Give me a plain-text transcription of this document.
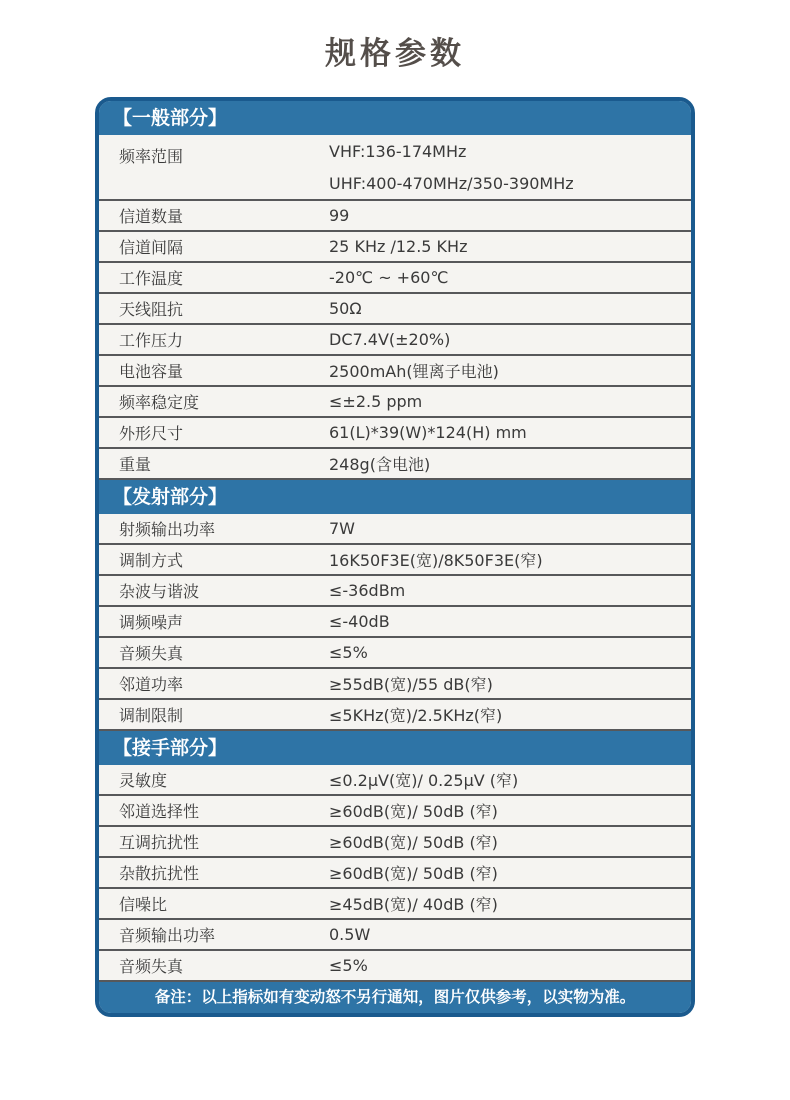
规格参数
【一般部分】
频率范围	VHF:136-174MHz
UHF:400-470MHz/350-390MHz
信道数量	99
信道间隔	25 KHz /12.5 KHz
工作温度	-20℃ ~ +60℃
天线阻抗	50Ω
工作压力	DC7.4V(±20%)
电池容量	2500mAh(锂离子电池)
频率稳定度	≤±2.5 ppm
外形尺寸	61(L)*39(W)*124(H) mm
重量	248g(含电池)
【发射部分】
射频输出功率	7W
调制方式	16K50F3E(宽)/8K50F3E(窄)
杂波与谐波	≤-36dBm
调频噪声	≤-40dB
音频失真	≤5%
邻道功率	≥55dB(宽)/55 dB(窄)
调制限制	≤5KHz(宽)/2.5KHz(窄)
【接手部分】
灵敏度	≤0.2μV(宽)/ 0.25μV (窄)
邻道选择性	≥60dB(宽)/ 50dB (窄)
互调抗扰性	≥60dB(宽)/ 50dB (窄)
杂散抗扰性	≥60dB(宽)/ 50dB (窄)
信噪比	≥45dB(宽)/ 40dB (窄)
音频输出功率	0.5W
音频失真	≤5%
备注：以上指标如有变动怒不另行通知，图片仅供参考，以实物为准。
